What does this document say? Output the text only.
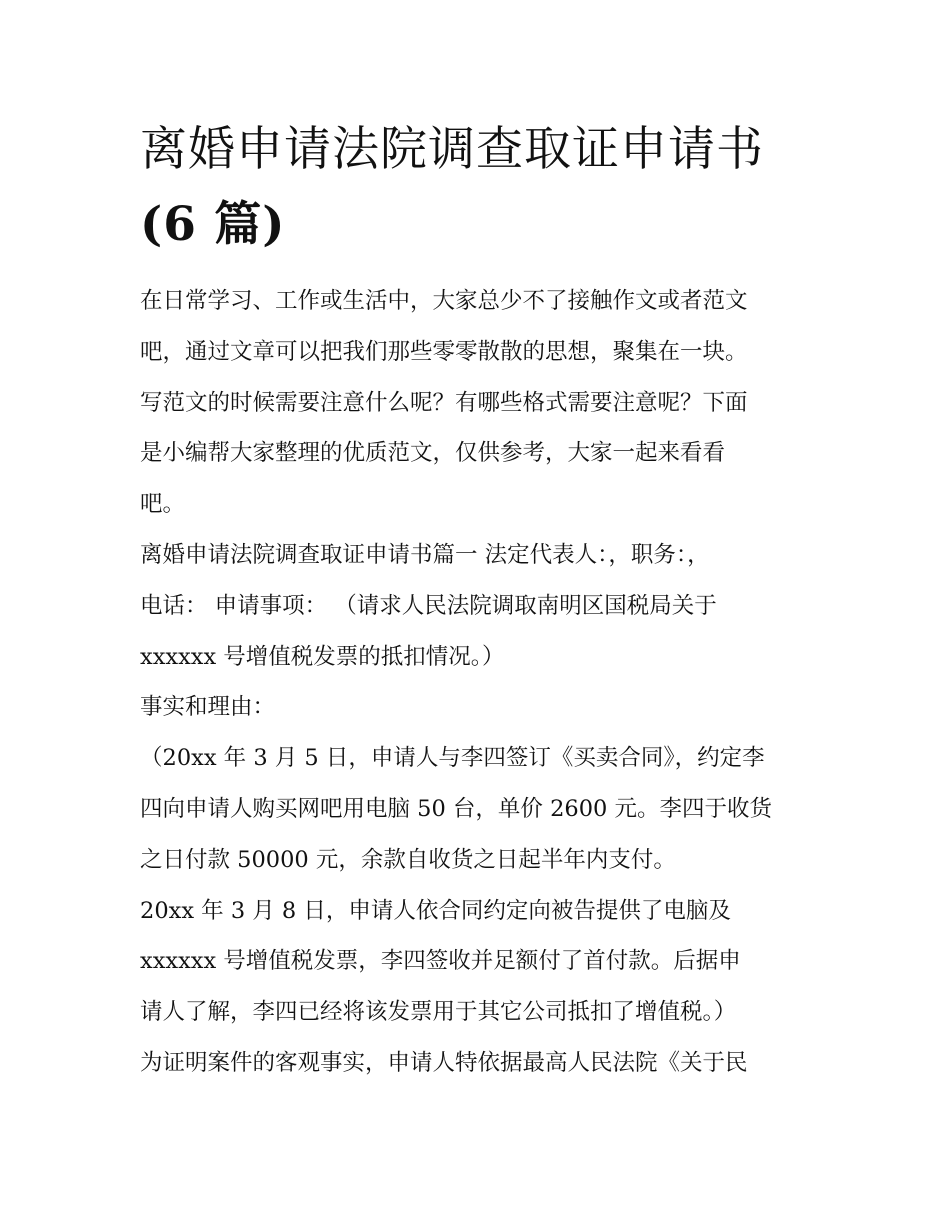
离婚申请法院调查取证申请书
(6 篇)
在日常学习、工作或生活中，大家总少不了接触作文或者范文
吧，通过文章可以把我们那些零零散散的思想，聚集在一块。
写范文的时候需要注意什么呢？有哪些格式需要注意呢？下面
是小编帮大家整理的优质范文，仅供参考，大家一起来看看
吧。
离婚申请法院调查取证申请书篇一 法定代表人：，职务：，
电话： 申请事项： （请求人民法院调取南明区国税局关于
xxxxxx 号增值税发票的抵扣情况。）
事实和理由：
（20xx 年 3 月 5 日，申请人与李四签订《买卖合同》，约定李
四向申请人购买网吧用电脑 50 台，单价 2600 元。李四于收货
之日付款 50000 元，余款自收货之日起半年内支付。
20xx 年 3 月 8 日，申请人依合同约定向被告提供了电脑及
xxxxxx 号增值税发票，李四签收并足额付了首付款。后据申
请人了解，李四已经将该发票用于其它公司抵扣了增值税。）
为证明案件的客观事实，申请人特依据最高人民法院《关于民
